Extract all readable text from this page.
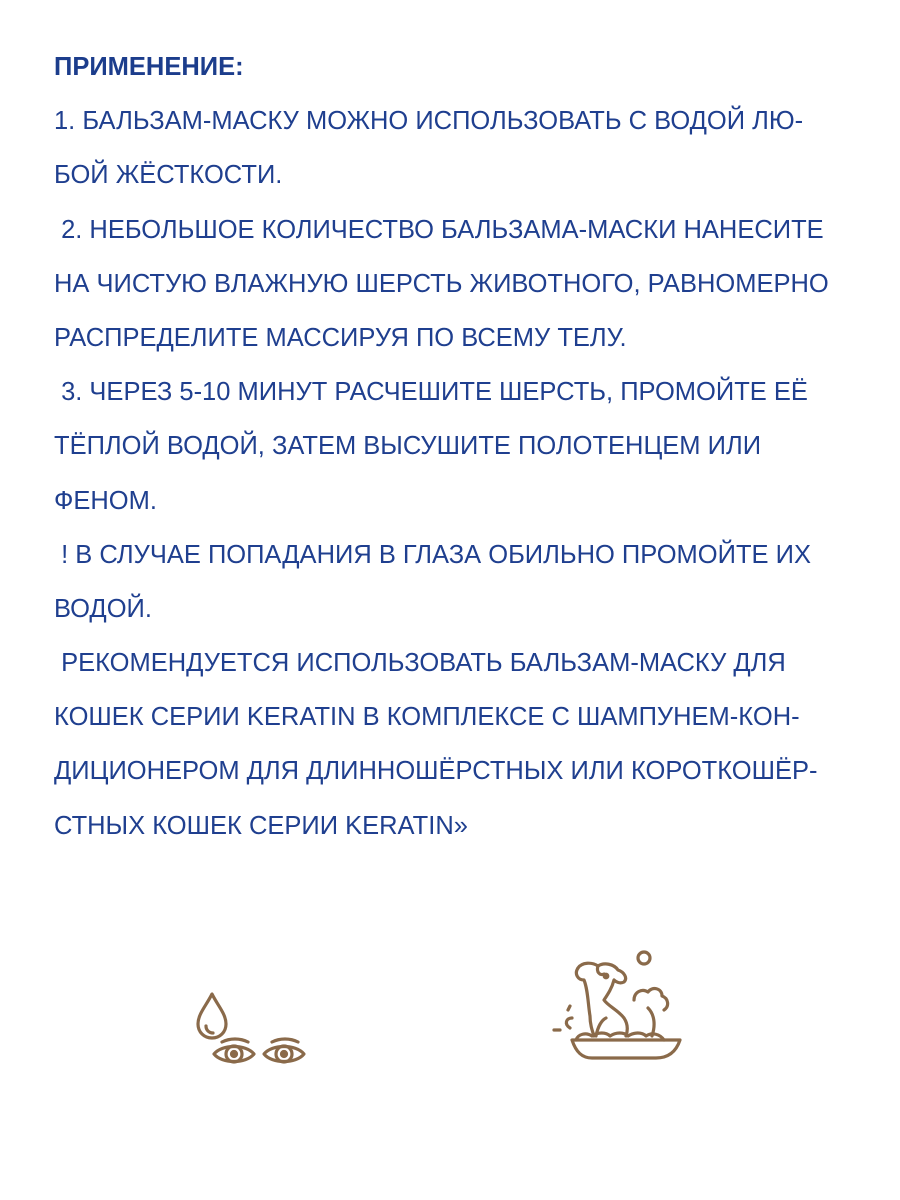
ПРИМЕНЕНИЕ:
1. БАЛЬЗАМ-МАСКУ МОЖНО ИСПОЛЬЗОВАТЬ С ВОДОЙ ЛЮ-
БОЙ ЖЁСТКОСТИ.
2. НЕБОЛЬШОЕ КОЛИЧЕСТВО БАЛЬЗАМА-МАСКИ НАНЕСИТЕ
НА ЧИСТУЮ ВЛАЖНУЮ ШЕРСТЬ ЖИВОТНОГО, РАВНОМЕРНО
РАСПРЕДЕЛИТЕ МАССИРУЯ ПО ВСЕМУ ТЕЛУ.
3. ЧЕРЕЗ 5-10 МИНУТ РАСЧЕШИТЕ ШЕРСТЬ, ПРОМОЙТЕ ЕЁ
ТЁПЛОЙ ВОДОЙ, ЗАТЕМ ВЫСУШИТЕ ПОЛОТЕНЦЕМ ИЛИ
ФЕНОМ.
! В СЛУЧАЕ ПОПАДАНИЯ В ГЛАЗА ОБИЛЬНО ПРОМОЙТЕ ИХ
ВОДОЙ.
РЕКОМЕНДУЕТСЯ ИСПОЛЬЗОВАТЬ БАЛЬЗАМ-МАСКУ ДЛЯ
КОШЕК СЕРИИ KERATIN В КОМПЛЕКСЕ С ШАМПУНЕМ-КОН-
ДИЦИОНЕРОМ ДЛЯ ДЛИННОШЁРСТНЫХ ИЛИ КОРОТКОШЁР-
СТНЫХ КОШЕК СЕРИИ KERATIN»
